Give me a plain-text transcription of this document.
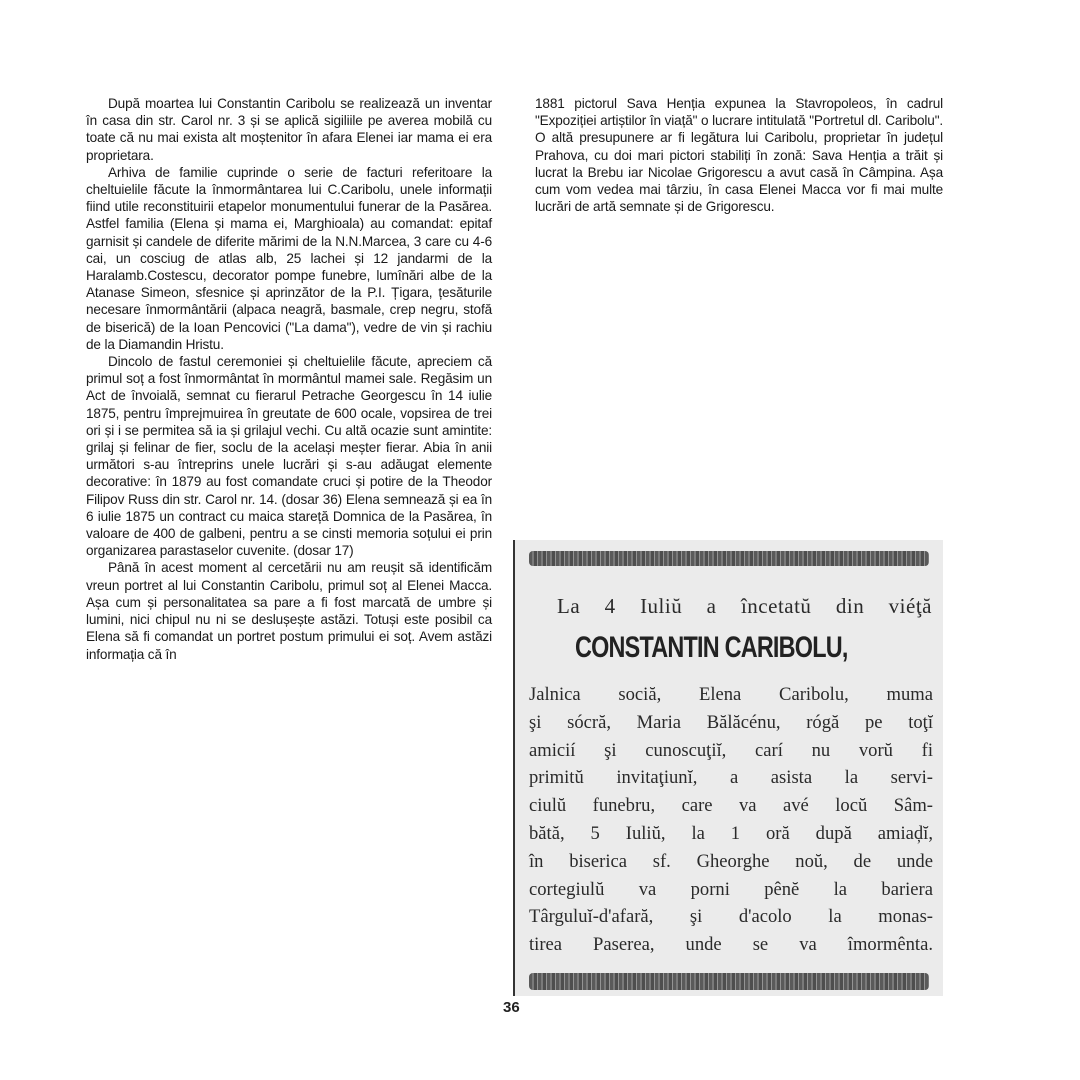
După moartea lui Constantin Caribolu se realizează un inventar în casa din str. Carol nr. 3 și se aplică sigiliile pe averea mobilă cu toate că nu mai exista alt moștenitor în afara Elenei iar mama ei era proprietara.

Arhiva de familie cuprinde o serie de facturi referitoare la cheltuielile făcute la înmormântarea lui C.Caribolu, unele informații fiind utile reconstituirii etapelor monumentului funerar de la Pasărea. Astfel familia (Elena și mama ei, Marghioala) au comandat: epitaf garnisit și candele de diferite mărimi de la N.N.Marcea, 3 care cu 4-6 cai, un cosciug de atlas alb, 25 lachei și 12 jandarmi de la Haralamb.Costescu, decorator pompe funebre, lumînări albe de la Atanase Simeon, sfesnice și aprinzător de la P.I. Țigara, țesăturile necesare înmormântării (alpaca neagră, basmale, crep negru, stofă de biserică) de la Ioan Pencovici ("La dama"), vedre de vin și rachiu de la Diamandin Hristu.

Dincolo de fastul ceremoniei și cheltuielile făcute, apreciem că primul soț a fost înmormântat în mormântul mamei sale. Regăsim un Act de învoială, semnat cu fierarul Petrache Georgescu în 14 iulie 1875, pentru împrejmuirea în greutate de 600 ocale, vopsirea de trei ori și i se permitea să ia și grilajul vechi. Cu altă ocazie sunt amintite: grilaj și felinar de fier, soclu de la același meșter fierar. Abia în anii următori s-au întreprins unele lucrări și s-au adăugat elemente decorative: în 1879 au fost comandate cruci și potire de la Theodor Filipov Russ din str. Carol nr. 14. (dosar 36) Elena semnează și ea în 6 iulie 1875 un contract cu maica stareță Domnica de la Pasărea, în valoare de 400 de galbeni, pentru a se cinsti memoria soțului ei prin organizarea parastaselor cuvenite. (dosar 17)

Până în acest moment al cercetării nu am reușit să identificăm vreun portret al lui Constantin Caribolu, primul soț al Elenei Macca. Așa cum și personalitatea sa pare a fi fost marcată de umbre și lumini, nici chipul nu ni se deslușește astăzi. Totuși este posibil ca Elena să fi comandat un portret postum primului ei soț. Avem astăzi informația că în

1881 pictorul Sava Henția expunea la Stavropoleos, în cadrul "Expoziției artiștilor în viață" o lucrare intitulată "Portretul dl. Caribolu". O altă presupunere ar fi legătura lui Caribolu, proprietar în județul Prahova, cu doi mari pictori stabiliți în zonă: Sava Henția a trăit și lucrat la Brebu iar Nicolae Grigorescu a avut casă în Câmpina. Așa cum vom vedea mai târziu, în casa Elenei Macca vor fi mai multe lucrări de artă semnate și de Grigorescu.

La 4 Iuliŭ a încetatŭ din viéţă
CONSTANTIN CARIBOLU,
Jalnica sociă, Elena Caribolu, muma
şi sócră, Maria Bălăcénu, rógă pe toţĭ
amicií şi cunoscuţiĭ, carí nu vorŭ fi
primitŭ invitaţiunĭ, a asista la servi-
ciulŭ funebru, care va avé locŭ Sâm-
bătă, 5 Iuliŭ, la 1 oră după amiaḑĭ,
în biserica sf. Gheorghe noŭ, de unde
cortegiulŭ va porni pênĕ la bariera
Târguluĭ-d'afară, şi d'acolo la monas-
tirea Paserea, unde se va îmormênta.
36
